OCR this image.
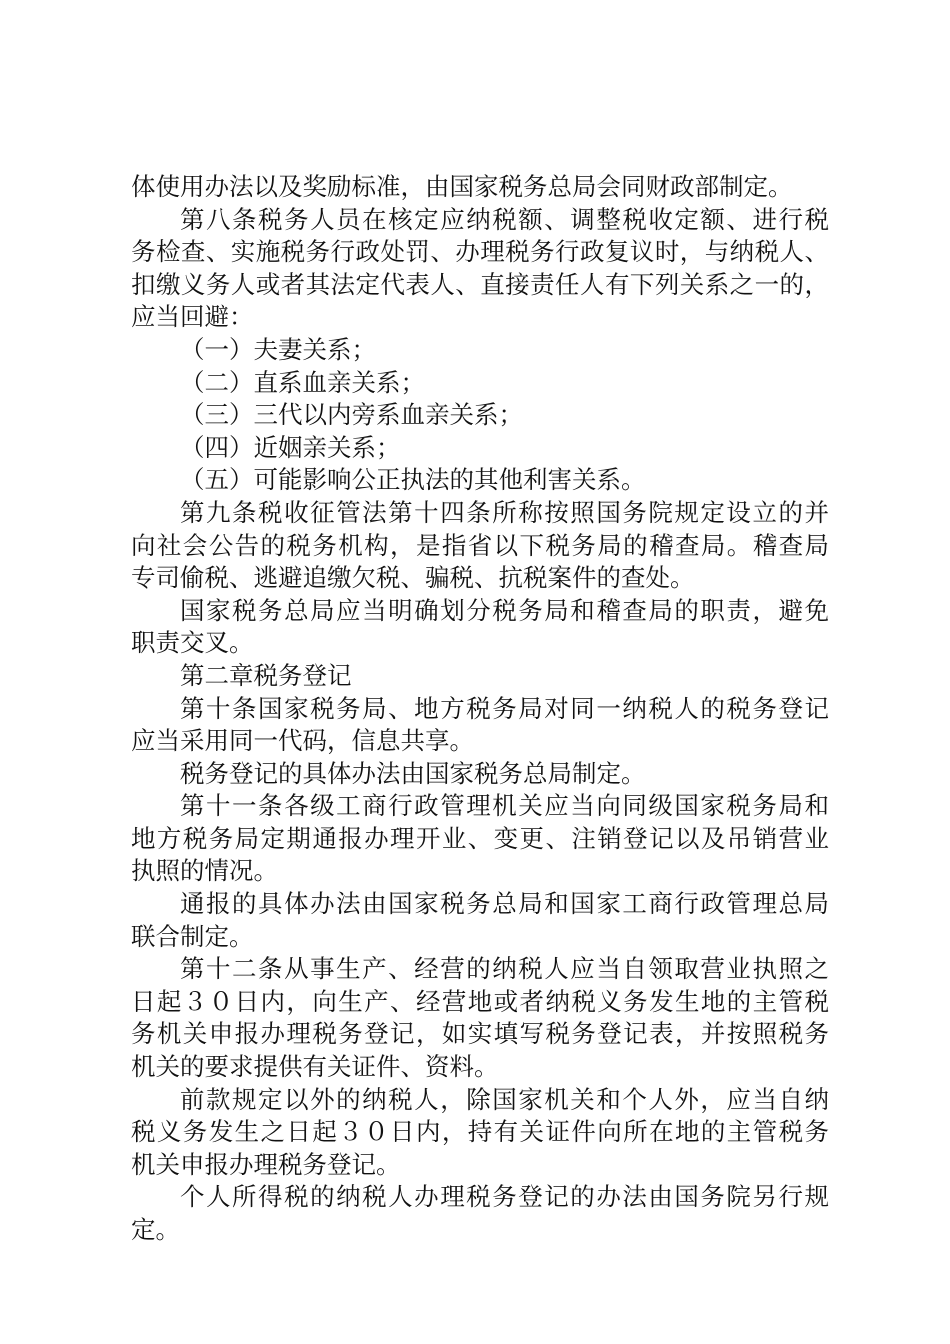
体使用办法以及奖励标准，由国家税务总局会同财政部制定。
第八条税务人员在核定应纳税额、调整税收定额、进行税
务检查、实施税务行政处罚、办理税务行政复议时，与纳税人、
扣缴义务人或者其法定代表人、直接责任人有下列关系之一的，
应当回避：
（一）夫妻关系；
（二）直系血亲关系；
（三）三代以内旁系血亲关系；
（四）近姻亲关系；
（五）可能影响公正执法的其他利害关系。
第九条税收征管法第十四条所称按照国务院规定设立的并
向社会公告的税务机构，是指省以下税务局的稽查局。稽查局
专司偷税、逃避追缴欠税、骗税、抗税案件的查处。
国家税务总局应当明确划分税务局和稽查局的职责，避免
职责交叉。
第二章税务登记
第十条国家税务局、地方税务局对同一纳税人的税务登记
应当采用同一代码，信息共享。
税务登记的具体办法由国家税务总局制定。
第十一条各级工商行政管理机关应当向同级国家税务局和
地方税务局定期通报办理开业、变更、注销登记以及吊销营业
执照的情况。
通报的具体办法由国家税务总局和国家工商行政管理总局
联合制定。
第十二条从事生产、经营的纳税人应当自领取营业执照之
日起３０日内，向生产、经营地或者纳税义务发生地的主管税
务机关申报办理税务登记，如实填写税务登记表，并按照税务
机关的要求提供有关证件、资料。
前款规定以外的纳税人，除国家机关和个人外，应当自纳
税义务发生之日起３０日内，持有关证件向所在地的主管税务
机关申报办理税务登记。
个人所得税的纳税人办理税务登记的办法由国务院另行规
定。
